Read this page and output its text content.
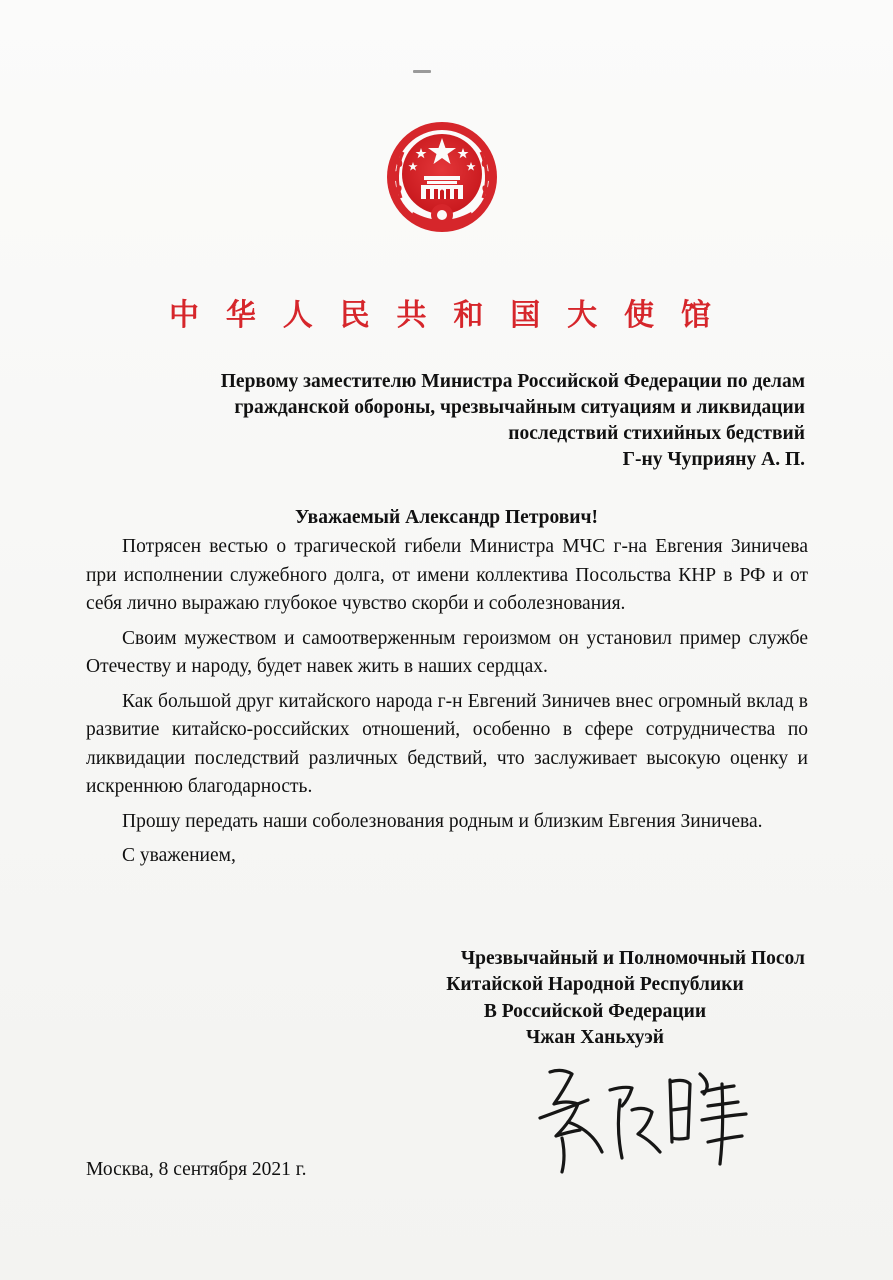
中 华 人 民 共 和 国 大 使 馆
Первому заместителю Министра Российской Федерации по делам
гражданской обороны, чрезвычайным ситуациям и ликвидации
последствий стихийных бедствий
Г-ну Чуприяну А. П.
Уважаемый Александр Петрович!

Потрясен вестью о трагической гибели Министра МЧС г-на Евгения Зиничева при исполнении служебного долга, от имени коллектива Посольства КНР в РФ и от себя лично выражаю глубокое чувство скорби и соболезнования.

Своим мужеством и самоотверженным героизмом он установил пример службе Отечеству и народу, будет навек жить в наших сердцах.

Как большой друг китайского народа г-н Евгений Зиничев внес огромный вклад в развитие китайско-российских отношений, особенно в сфере сотрудничества по ликвидации последствий различных бедствий, что заслуживает высокую оценку и искреннюю благодарность.

Прошу передать наши соболезнования родным и близким Евгения Зиничева.

С уважением,

Чрезвычайный и Полномочный Посол
Китайской Народной Республики
В Российской Федерации
Чжан Ханьхуэй
Москва, 8 сентября 2021 г.
